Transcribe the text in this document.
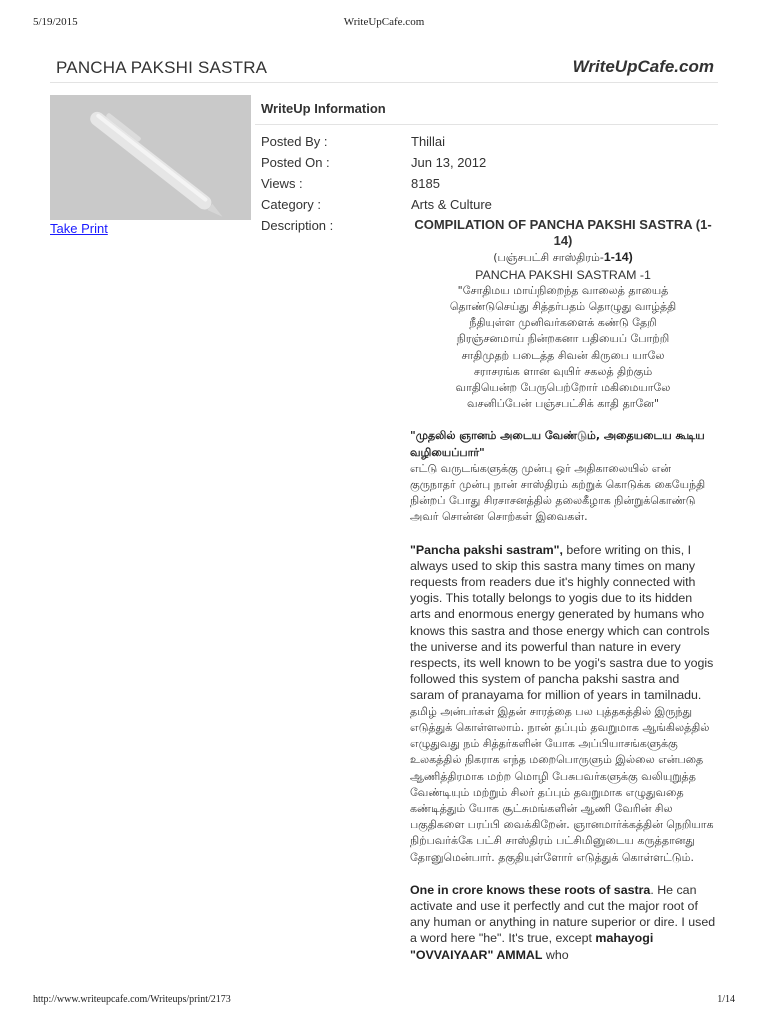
5/19/2015	WriteUpCafe.com
PANCHA PAKSHI SASTRA	WriteUpCafe.com
Take Print
WriteUp Information
Posted By :	Thillai
Posted On :	Jun 13, 2012
Views :	8185
Category :	Arts & Culture
Description :	COMPILATION OF PANCHA PAKSHI SASTRA (1-14)
(பஞ்சபட்சி சாஸ்திரம்-1-14)
PANCHA PAKSHI SASTRAM -1
"சோதிமய மாய்நிறைந்த வாலைத் தாயைத்
தொண்டுசெய்து சித்தர்பதம் தொழுது வாழ்த்தி
நீதியுள்ள முனிவர்களைக் கண்டு தேறி
நிரஞ்சனமாய் நின்றகனா பதியைப் போற்றி
சாதிமுதற் படைத்த சிவன் கிருபை யாலே
சராசரங்க ளான வுயிர் சகலத் திற்கும்
வாதியென்ற பேருபெற்றோர் மகிமையாலே
வசனிப்பேன் பஞ்சபட்சிக் காதி தானே"

"முதலில் ஞானம் அடைய வேண்டும், அதையடைய கூடிய வழியைப்பார்"
எட்டு வருடங்களுக்கு முன்பு ஒர் அதிகாலையில் என் குருநாதர் முன்பு நான் சாஸ்திரம் கற்றுக் கொடுக்க கையேந்தி நின்றப் போது சிரசாசனத்தில் தலைகீழாக நின்றுக்கொண்டு அவர் சொன்ன சொற்கள் இவைகள்.

"Pancha pakshi sastram", before writing on this, I always used to skip this sastra many times on many requests from readers due it's highly connected with yogis. This totally belongs to yogis due to its hidden arts and enormous energy generated by humans who knows this sastra and those energy which can controls the universe and its powerful than nature in every respects, its well known to be yogi's sastra due to yogis followed this system of pancha pakshi sastra and saram of pranayama for million of years in tamilnadu.

தமிழ் அன்பர்கள் இதன் சாரத்தை பல புத்தகத்தில் இருந்து எடுத்துக் கொள்ளலாம். நான் தப்பும் தவறுமாக ஆங்கிலத்தில் எழுதுவது நம் சித்தர்களின் யோக அப்பியாசங்களுக்கு உலகத்தில் நிகராக எந்த மறைபொருளும் இல்லை என்பதை ஆணித்திரமாக மற்ற மொழி பேசுபவர்களுக்கு வலியுறுத்த வேண்டியும் மற்றும் சிலர் தப்பும் தவறுமாக எழுதுவதை கண்டித்தும் யோக சூட்சுமங்களின் ஆணி வேரின் சில பகுதிகளை பரப்பி வைக்கிறேன். ஞானமார்க்கத்தின் நெறியாக நிற்பவர்க்கே பட்சி சாஸ்திரம் பட்சிமினுடைய கருத்தானது தோனுமென்பார். தகுதியுள்ளோர் எடுத்துக் கொள்ளட்டும்.

One in crore knows these roots of sastra. He can activate and use it perfectly and cut the major root of any human or anything in nature superior or dire. I used a word here "he". It's true, except mahayogi "OVVAIYAAR" AMMAL who

http://www.writeupcafe.com/Writeups/print/2173	1/14
